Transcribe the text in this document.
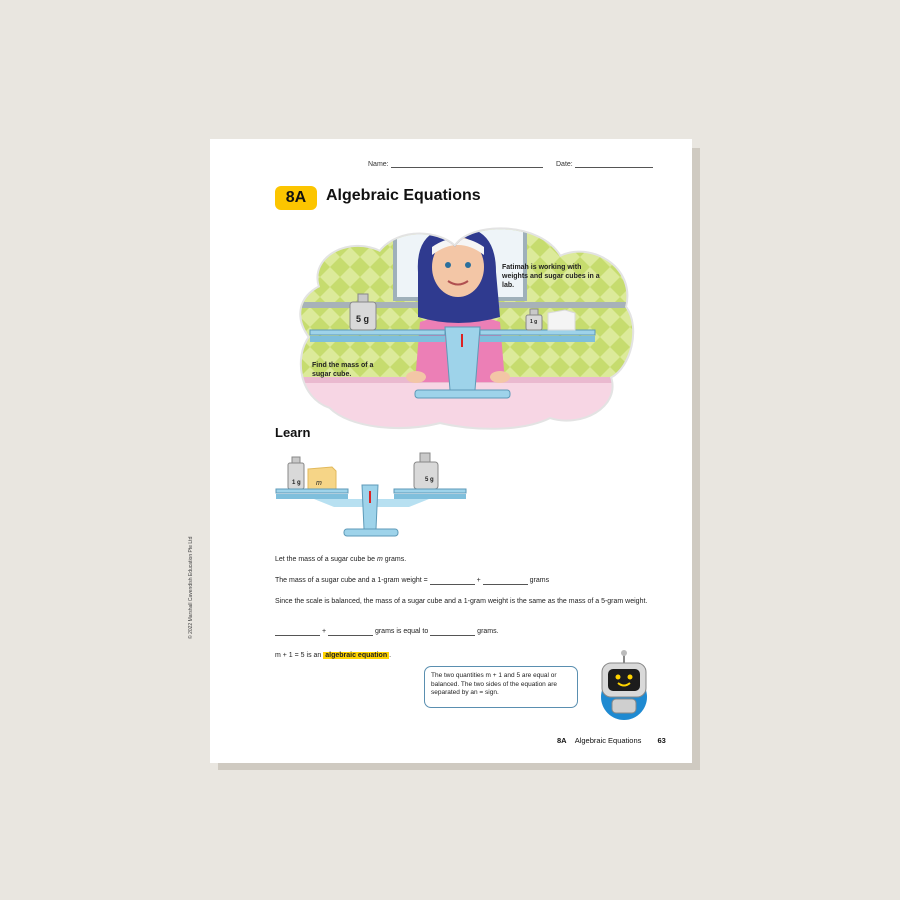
Name:	Date:
8A	Algebraic Equations
5 g	1 g
Fatimah is working with weights and sugar cubes in a lab.
Find the mass of a sugar cube.
Learn
1 g m	5 g
Let the mass of a sugar cube be m grams.
The mass of a sugar cube and a 1-gram weight =	+	grams
Since the scale is balanced, the mass of a sugar cube and a 1-gram weight is the same as the mass of a 5-gram weight.
+	grams is equal to	grams.
m + 1 = 5 is an algebraic equation .
The two quantities m + 1 and 5 are equal or balanced. The two sides of the equation are separated by an = sign.
8A Algebraic Equations 63
© 2022 Marshall Cavendish Education Pte Ltd
